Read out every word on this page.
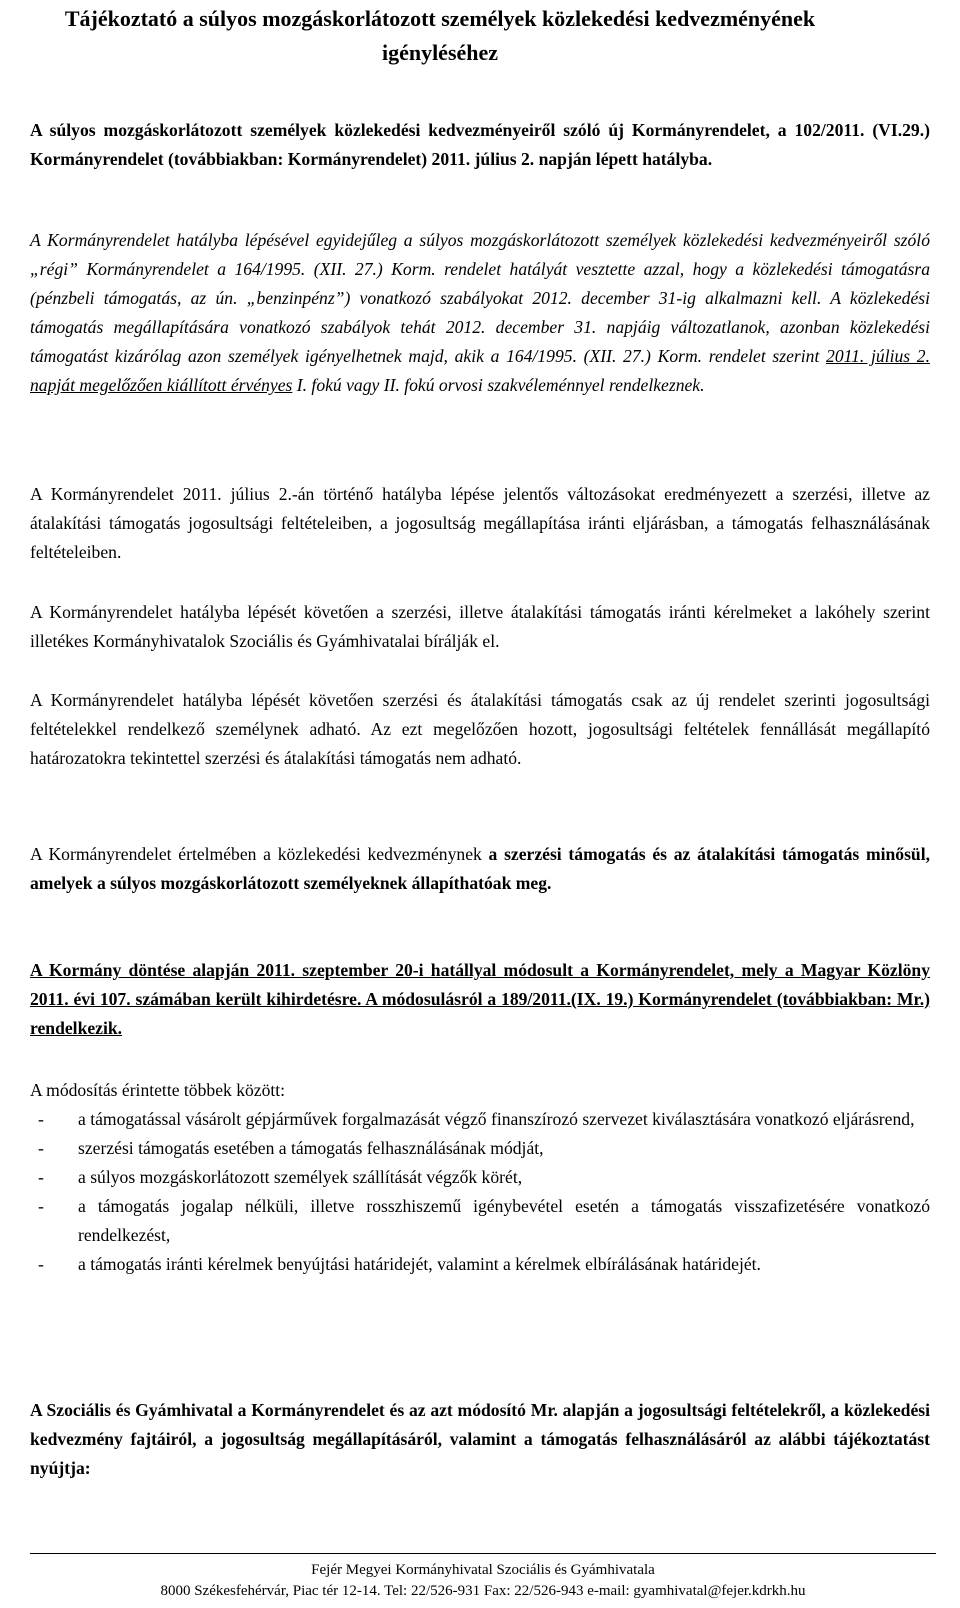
Tájékoztató a súlyos mozgáskorlátozott személyek közlekedési kedvezményének igényléséhez
A súlyos mozgáskorlátozott személyek közlekedési kedvezményeiről szóló új Kormányrendelet, a 102/2011. (VI.29.) Kormányrendelet (továbbiakban: Kormányrendelet) 2011. július 2. napján lépett hatályba.
A Kormányrendelet hatályba lépésével egyidejűleg a súlyos mozgáskorlátozott személyek közlekedési kedvezményeiről szóló „régi” Kormányrendelet a 164/1995. (XII. 27.) Korm. rendelet hatályát vesztette azzal, hogy a közlekedési támogatásra (pénzbeli támogatás, az ún. „benzinpénz”) vonatkozó szabályokat 2012. december 31-ig alkalmazni kell. A közlekedési támogatás megállapítására vonatkozó szabályok tehát 2012. december 31. napjáig változatlanok, azonban közlekedési támogatást kizárólag azon személyek igényelhetnek majd, akik a 164/1995. (XII. 27.) Korm. rendelet szerint 2011. július 2. napját megelőzően kiállított érvényes I. fokú vagy II. fokú orvosi szakvéleménnyel rendelkeznek.
A Kormányrendelet 2011. július 2.-án történő hatályba lépése jelentős változásokat eredményezett a szerzési, illetve az átalakítási támogatás jogosultsági feltételeiben, a jogosultság megállapítása iránti eljárásban, a támogatás felhasználásának feltételeiben.
A Kormányrendelet hatályba lépését követően a szerzési, illetve átalakítási támogatás iránti kérelmeket a lakóhely szerint illetékes Kormányhivatalok Szociális és Gyámhivatalai bírálják el.
A Kormányrendelet hatályba lépését követően szerzési és átalakítási támogatás csak az új rendelet szerinti jogosultsági feltételekkel rendelkező személynek adható. Az ezt megelőzően hozott, jogosultsági feltételek fennállását megállapító határozatokra tekintettel szerzési és átalakítási támogatás nem adható.
A Kormányrendelet értelmében a közlekedési kedvezménynek a szerzési támogatás és az átalakítási támogatás minősül, amelyek a súlyos mozgáskorlátozott személyeknek állapíthatóak meg.
A Kormány döntése alapján 2011. szeptember 20-i hatállyal módosult a Kormányrendelet, mely a Magyar Közlöny 2011. évi 107. számában került kihirdetésre. A módosulásról a 189/2011.(IX. 19.) Kormányrendelet (továbbiakban: Mr.) rendelkezik.
A módosítás érintette többek között:
- a támogatással vásárolt gépjárművek forgalmazását végző finanszírozó szervezet kiválasztására vonatkozó eljárásrend,
- szerzési támogatás esetében a támogatás felhasználásának módját,
- a súlyos mozgáskorlátozott személyek szállítását végzők körét,
- a támogatás jogalap nélküli, illetve rosszhiszemű igénybevétel esetén a támogatás visszafizetésére vonatkozó rendelkezést,
- a támogatás iránti kérelmek benyújtási határidejét, valamint a kérelmek elbírálásának határidejét.
A Szociális és Gyámhivatal a Kormányrendelet és az azt módosító Mr. alapján a jogosultsági feltételekről, a közlekedési kedvezmény fajtáiról, a jogosultság megállapításáról, valamint a támogatás felhasználásáról az alábbi tájékoztatást nyújtja:
Fejér Megyei Kormányhivatal Szociális és Gyámhivatala
8000 Székesfehérvár, Piac tér 12-14. Tel: 22/526-931 Fax: 22/526-943 e-mail: gyamhivatal@fejer.kdrkh.hu
